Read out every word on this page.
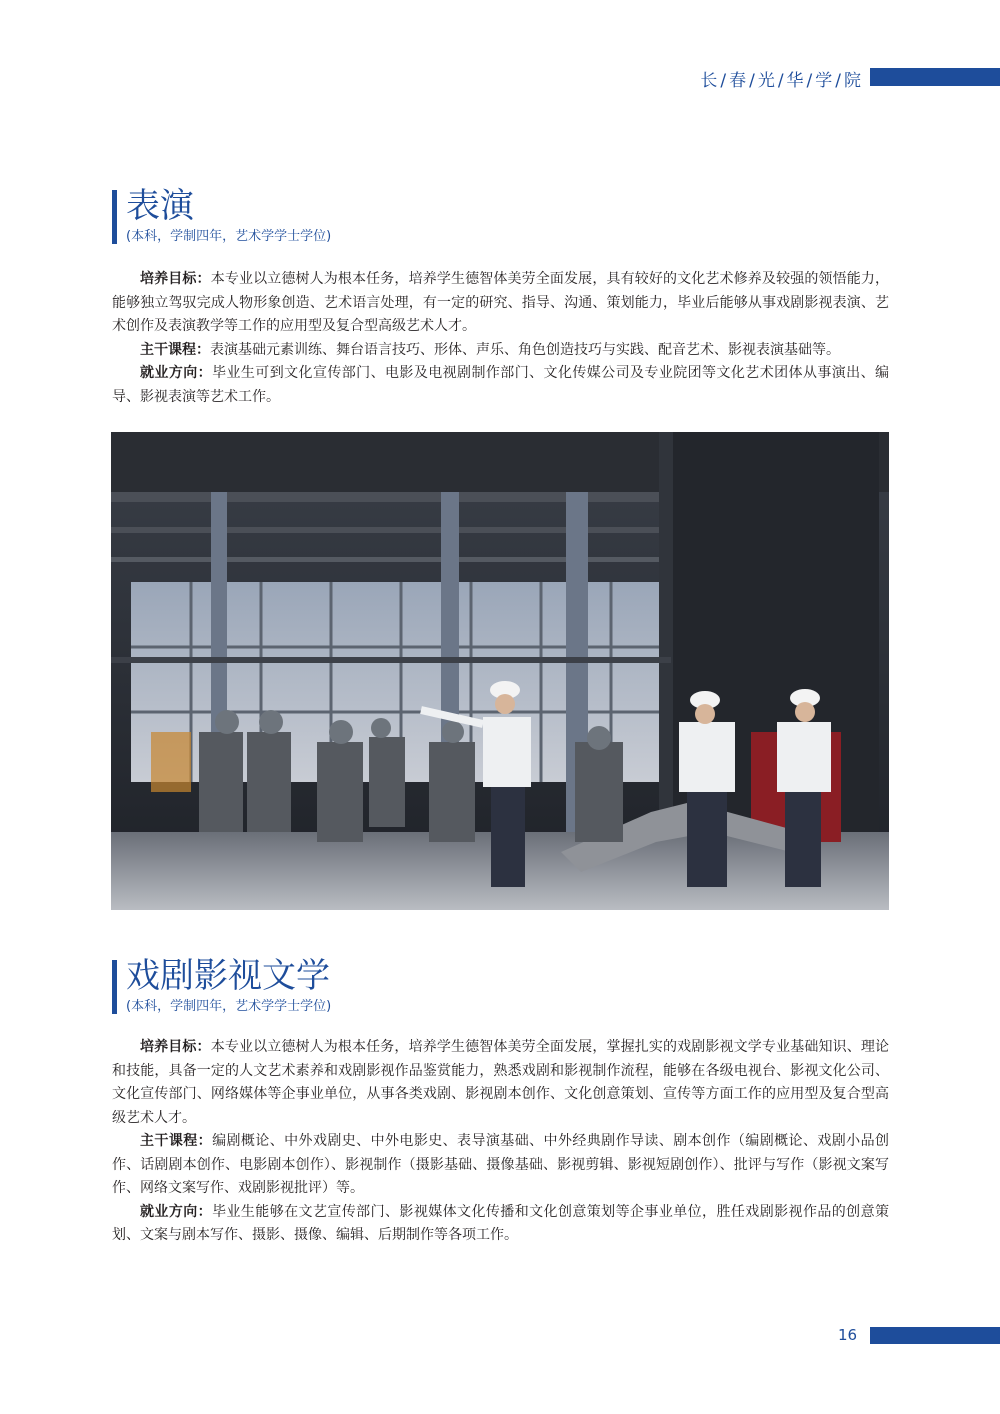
长/春/光/华/学/院
表演
(本科，学制四年，艺术学学士学位)

培养目标：本专业以立德树人为根本任务，培养学生德智体美劳全面发展，具有较好的文化艺术修养及较强的领悟能力，能够独立驾驭完成人物形象创造、艺术语言处理，有一定的研究、指导、沟通、策划能力，毕业后能够从事戏剧影视表演、艺术创作及表演教学等工作的应用型及复合型高级艺术人才。

主干课程：表演基础元素训练、舞台语言技巧、形体、声乐、角色创造技巧与实践、配音艺术、影视表演基础等。

就业方向：毕业生可到文化宣传部门、电影及电视剧制作部门、文化传媒公司及专业院团等文化艺术团体从事演出、编导、影视表演等艺术工作。

戏剧影视文学
(本科，学制四年，艺术学学士学位)

培养目标：本专业以立德树人为根本任务，培养学生德智体美劳全面发展，掌握扎实的戏剧影视文学专业基础知识、理论和技能，具备一定的人文艺术素养和戏剧影视作品鉴赏能力，熟悉戏剧和影视制作流程，能够在各级电视台、影视文化公司、文化宣传部门、网络媒体等企事业单位，从事各类戏剧、影视剧本创作、文化创意策划、宣传等方面工作的应用型及复合型高级艺术人才。

主干课程：编剧概论、中外戏剧史、中外电影史、表导演基础、中外经典剧作导读、剧本创作（编剧概论、戏剧小品创作、话剧剧本创作、电影剧本创作）、影视制作（摄影基础、摄像基础、影视剪辑、影视短剧创作）、批评与写作（影视文案写作、网络文案写作、戏剧影视批评）等。

就业方向：毕业生能够在文艺宣传部门、影视媒体文化传播和文化创意策划等企事业单位，胜任戏剧影视作品的创意策划、文案与剧本写作、摄影、摄像、编辑、后期制作等各项工作。

16
